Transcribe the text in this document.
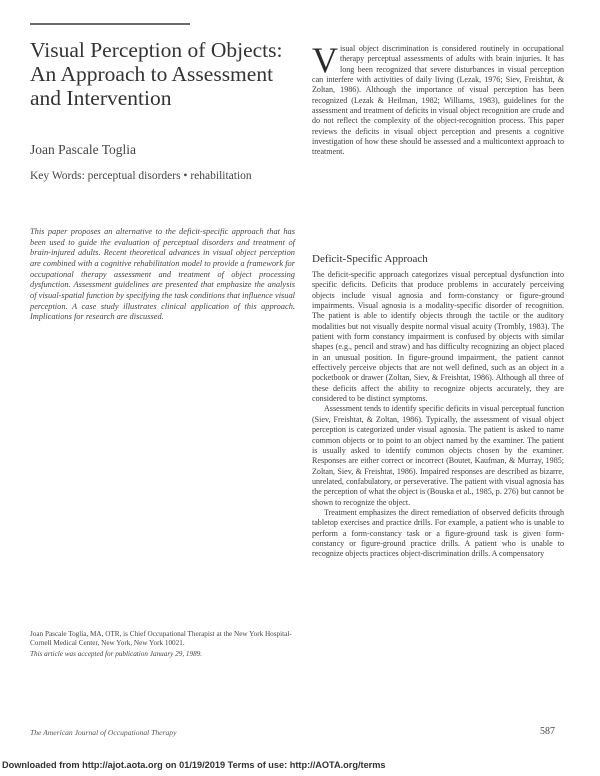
Visual Perception of Objects: An Approach to Assessment and Intervention
Joan Pascale Toglia
Key Words: perceptual disorders • rehabilitation
This paper proposes an alternative to the deficit-specific approach that has been used to guide the evaluation of perceptual disorders and treatment of brain-injured adults. Recent theoretical advances in visual object perception are combined with a cognitive rehabilitation model to provide a framework for occupational therapy assessment and treatment of object processing dysfunction. Assessment guidelines are presented that emphasize the analysis of visual-spatial function by specifying the task conditions that influence visual perception. A case study illustrates clinical application of this approach. Implications for research are discussed.
Joan Pascale Toglia, MA, OTR, is Chief Occupational Therapist at the New York Hospital-Cornell Medical Center, New York, New York 10021.
This article was accepted for publication January 29, 1989.

Visual object discrimination is considered routinely in occupational therapy perceptual assessments of adults with brain injuries. It has long been recognized that severe disturbances in visual perception can interfere with activities of daily living (Lezak, 1976; Siev, Freishtat, & Zoltan, 1986). Although the importance of visual perception has been recognized (Lezak & Heilman, 1982; Williams, 1983), guidelines for the assessment and treatment of deficits in visual object recognition are crude and do not reflect the complexity of the object-recognition process. This paper reviews the deficits in visual object perception and presents a cognitive investigation of how these should be assessed and a multicontext approach to treatment.

Deficit-Specific Approach

The deficit-specific approach categorizes visual perceptual dysfunction into specific deficits. Deficits that produce problems in accurately perceiving objects include visual agnosia and form-constancy or figure-ground impairments. Visual agnosia is a modality-specific disorder of recognition. The patient is able to identify objects through the tactile or the auditory modalities but not visually despite normal visual acuity (Trombly, 1983). The patient with form constancy impairment is confused by objects with similar shapes (e.g., pencil and straw) and has difficulty recognizing an object placed in an unusual position. In figure-ground impairment, the patient cannot effectively perceive objects that are not well defined, such as an object in a pocketbook or drawer (Zoltan, Siev, & Freishtat, 1986). Although all three of these deficits affect the ability to recognize objects accurately, they are considered to be distinct symptoms.

Assessment tends to identify specific deficits in visual perceptual function (Siev, Freishtat, & Zoltan, 1986). Typically, the assessment of visual object perception is categorized under visual agnosia. The patient is asked to name common objects or to point to an object named by the examiner. The patient is usually asked to identify common objects chosen by the examiner. Responses are either correct or incorrect (Boutet, Kaufman, & Murray, 1985; Zoltan, Siev, & Freishtat, 1986). Impaired responses are described as bizarre, unrelated, confabulatory, or perseverative. The patient with visual agnosia has the perception of what the object is (Bouska et al., 1985, p. 276) but cannot be shown to recognize the object.

Treatment emphasizes the direct remediation of observed deficits through tabletop exercises and practice drills. For example, a patient who is unable to perform a form-constancy task or a figure-ground task is given form-constancy or figure-ground practice drills. A patient who is unable to recognize objects practices object-discrimination drills. A compensatory

The American Journal of Occupational Therapy	587
Downloaded from http://ajot.aota.org on 01/19/2019 Terms of use: http://AOTA.org/terms
